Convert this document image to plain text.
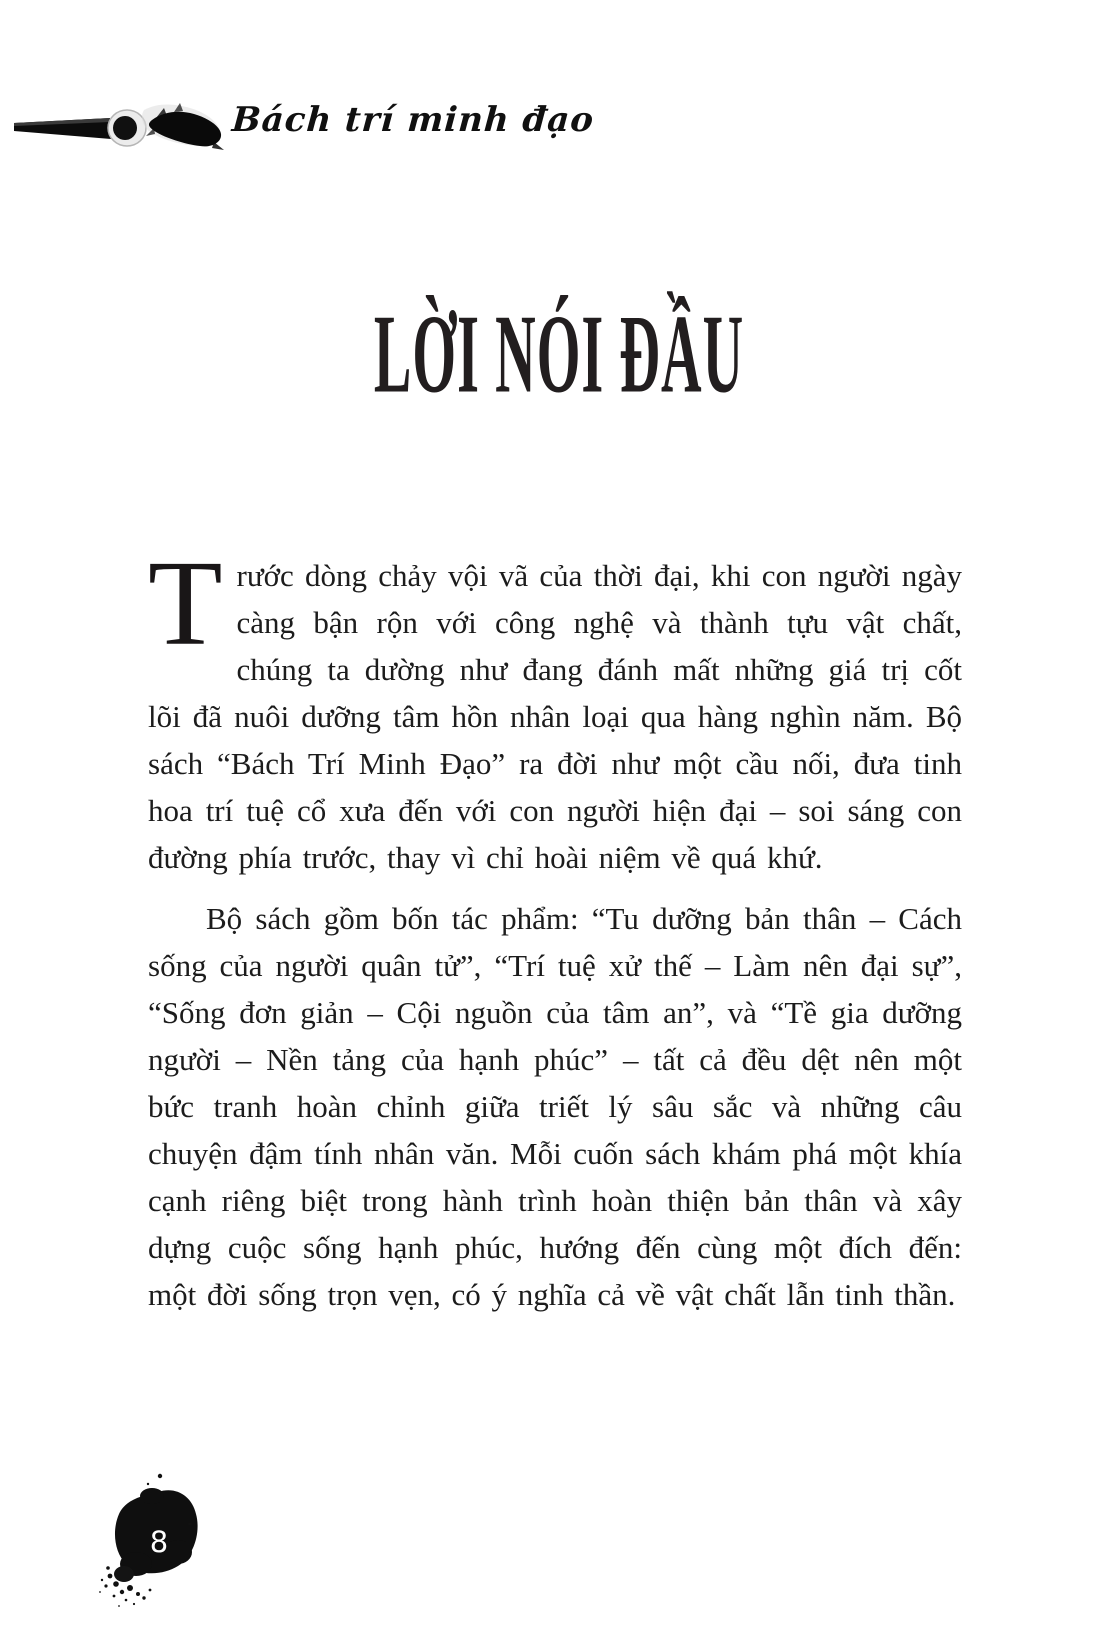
Bách trí minh đạo
LỜI NÓI ĐẦU

Trước dòng chảy vội vã của thời đại, khi con người ngày càng bận rộn với công nghệ và thành tựu vật chất, chúng ta dường như đang đánh mất những giá trị cốt lõi đã nuôi dưỡng tâm hồn nhân loại qua hàng nghìn năm. Bộ sách “Bách Trí Minh Đạo” ra đời như một cầu nối, đưa tinh hoa trí tuệ cổ xưa đến với con người hiện đại – soi sáng con đường phía trước, thay vì chỉ hoài niệm về quá khứ.

Bộ sách gồm bốn tác phẩm: “Tu dưỡng bản thân – Cách sống của người quân tử”, “Trí tuệ xử thế – Làm nên đại sự”, “Sống đơn giản – Cội nguồn của tâm an”, và “Tề gia dưỡng người – Nền tảng của hạnh phúc” – tất cả đều dệt nên một bức tranh hoàn chỉnh giữa triết lý sâu sắc và những câu chuyện đậm tính nhân văn. Mỗi cuốn sách khám phá một khía cạnh riêng biệt trong hành trình hoàn thiện bản thân và xây dựng cuộc sống hạnh phúc, hướng đến cùng một đích đến: một đời sống trọn vẹn, có ý nghĩa cả về vật chất lẫn tinh thần.

8
